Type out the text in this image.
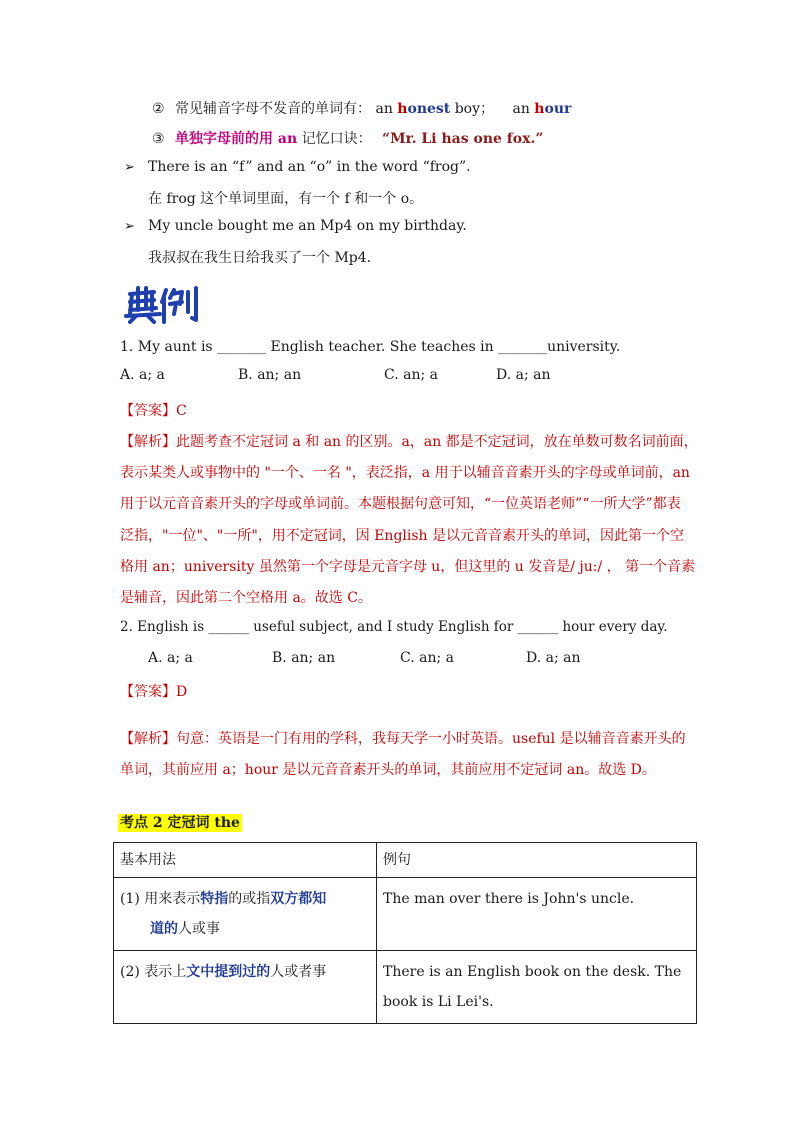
② 常见辅音字母不发音的单词有： an honest boy； an hour
③ 单独字母前的用 an 记忆口诀： “Mr. Li has one fox.”
➢ There is an “f” and an “o” in the word “frog”.
在 frog 这个单词里面，有一个 f 和一个 o。
➢ My uncle bought me an Mp4 on my birthday.
我叔叔在我生日给我买了一个 Mp4.
1. My aunt is _______ English teacher. She teaches in _______university.
A. a; a	B. an; an	C. an; a	D. a; an
【答案】C
【解析】此题考查不定冠词 a 和 an 的区别。a，an 都是不定冠词，放在单数可数名词前面，
表示某类人或事物中的 "一个、一名 "，表泛指，a 用于以辅音音素开头的字母或单词前，an
用于以元音音素开头的字母或单词前。本题根据句意可知，“一位英语老师”“一所大学”都表
泛指，"一位"、"一所"，用不定冠词，因 English 是以元音音素开头的单词，因此第一个空
格用 an；university 虽然第一个字母是元音字母 u，但这里的 u 发音是/ ju:/ ， 第一个音素
是辅音，因此第二个空格用 a。故选 C。
2. English is ______ useful subject, and I study English for ______ hour every day.
A. a; a	B. an; an	C. an; a	D. a; an
【答案】D
【解析】句意：英语是一门有用的学科，我每天学一小时英语。useful 是以辅音音素开头的
单词，其前应用 a；hour 是以元音音素开头的单词，其前应用不定冠词 an。故选 D。
考点 2 定冠词 the
基本用法	例句
(1) 用来表示特指的或指双方都知
道的人或事	The man over there is John's uncle.
(2) 表示上文中提到过的人或者事	There is an English book on the desk. The book is Li Lei's.
